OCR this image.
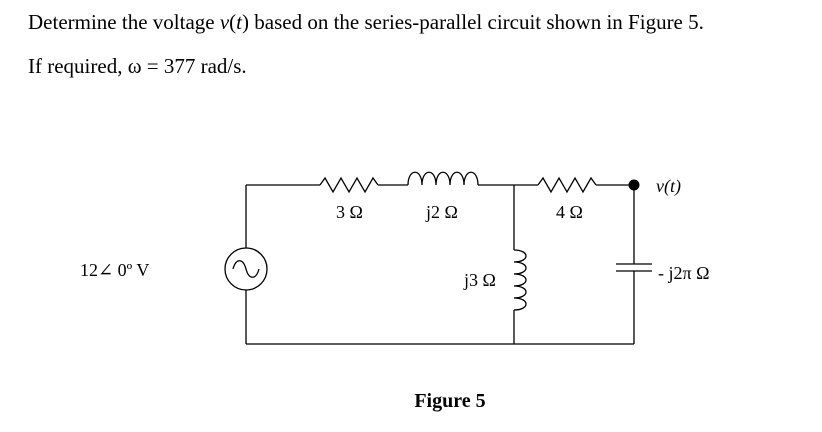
Determine the voltage v(t) based on the series-parallel circuit shown in Figure 5.
If required, ω = 377 rad/s.
12∠ 0º V
3 Ω	j2 Ω	4 Ω
j3 Ω	- j2π Ω
v(t)
Figure 5
